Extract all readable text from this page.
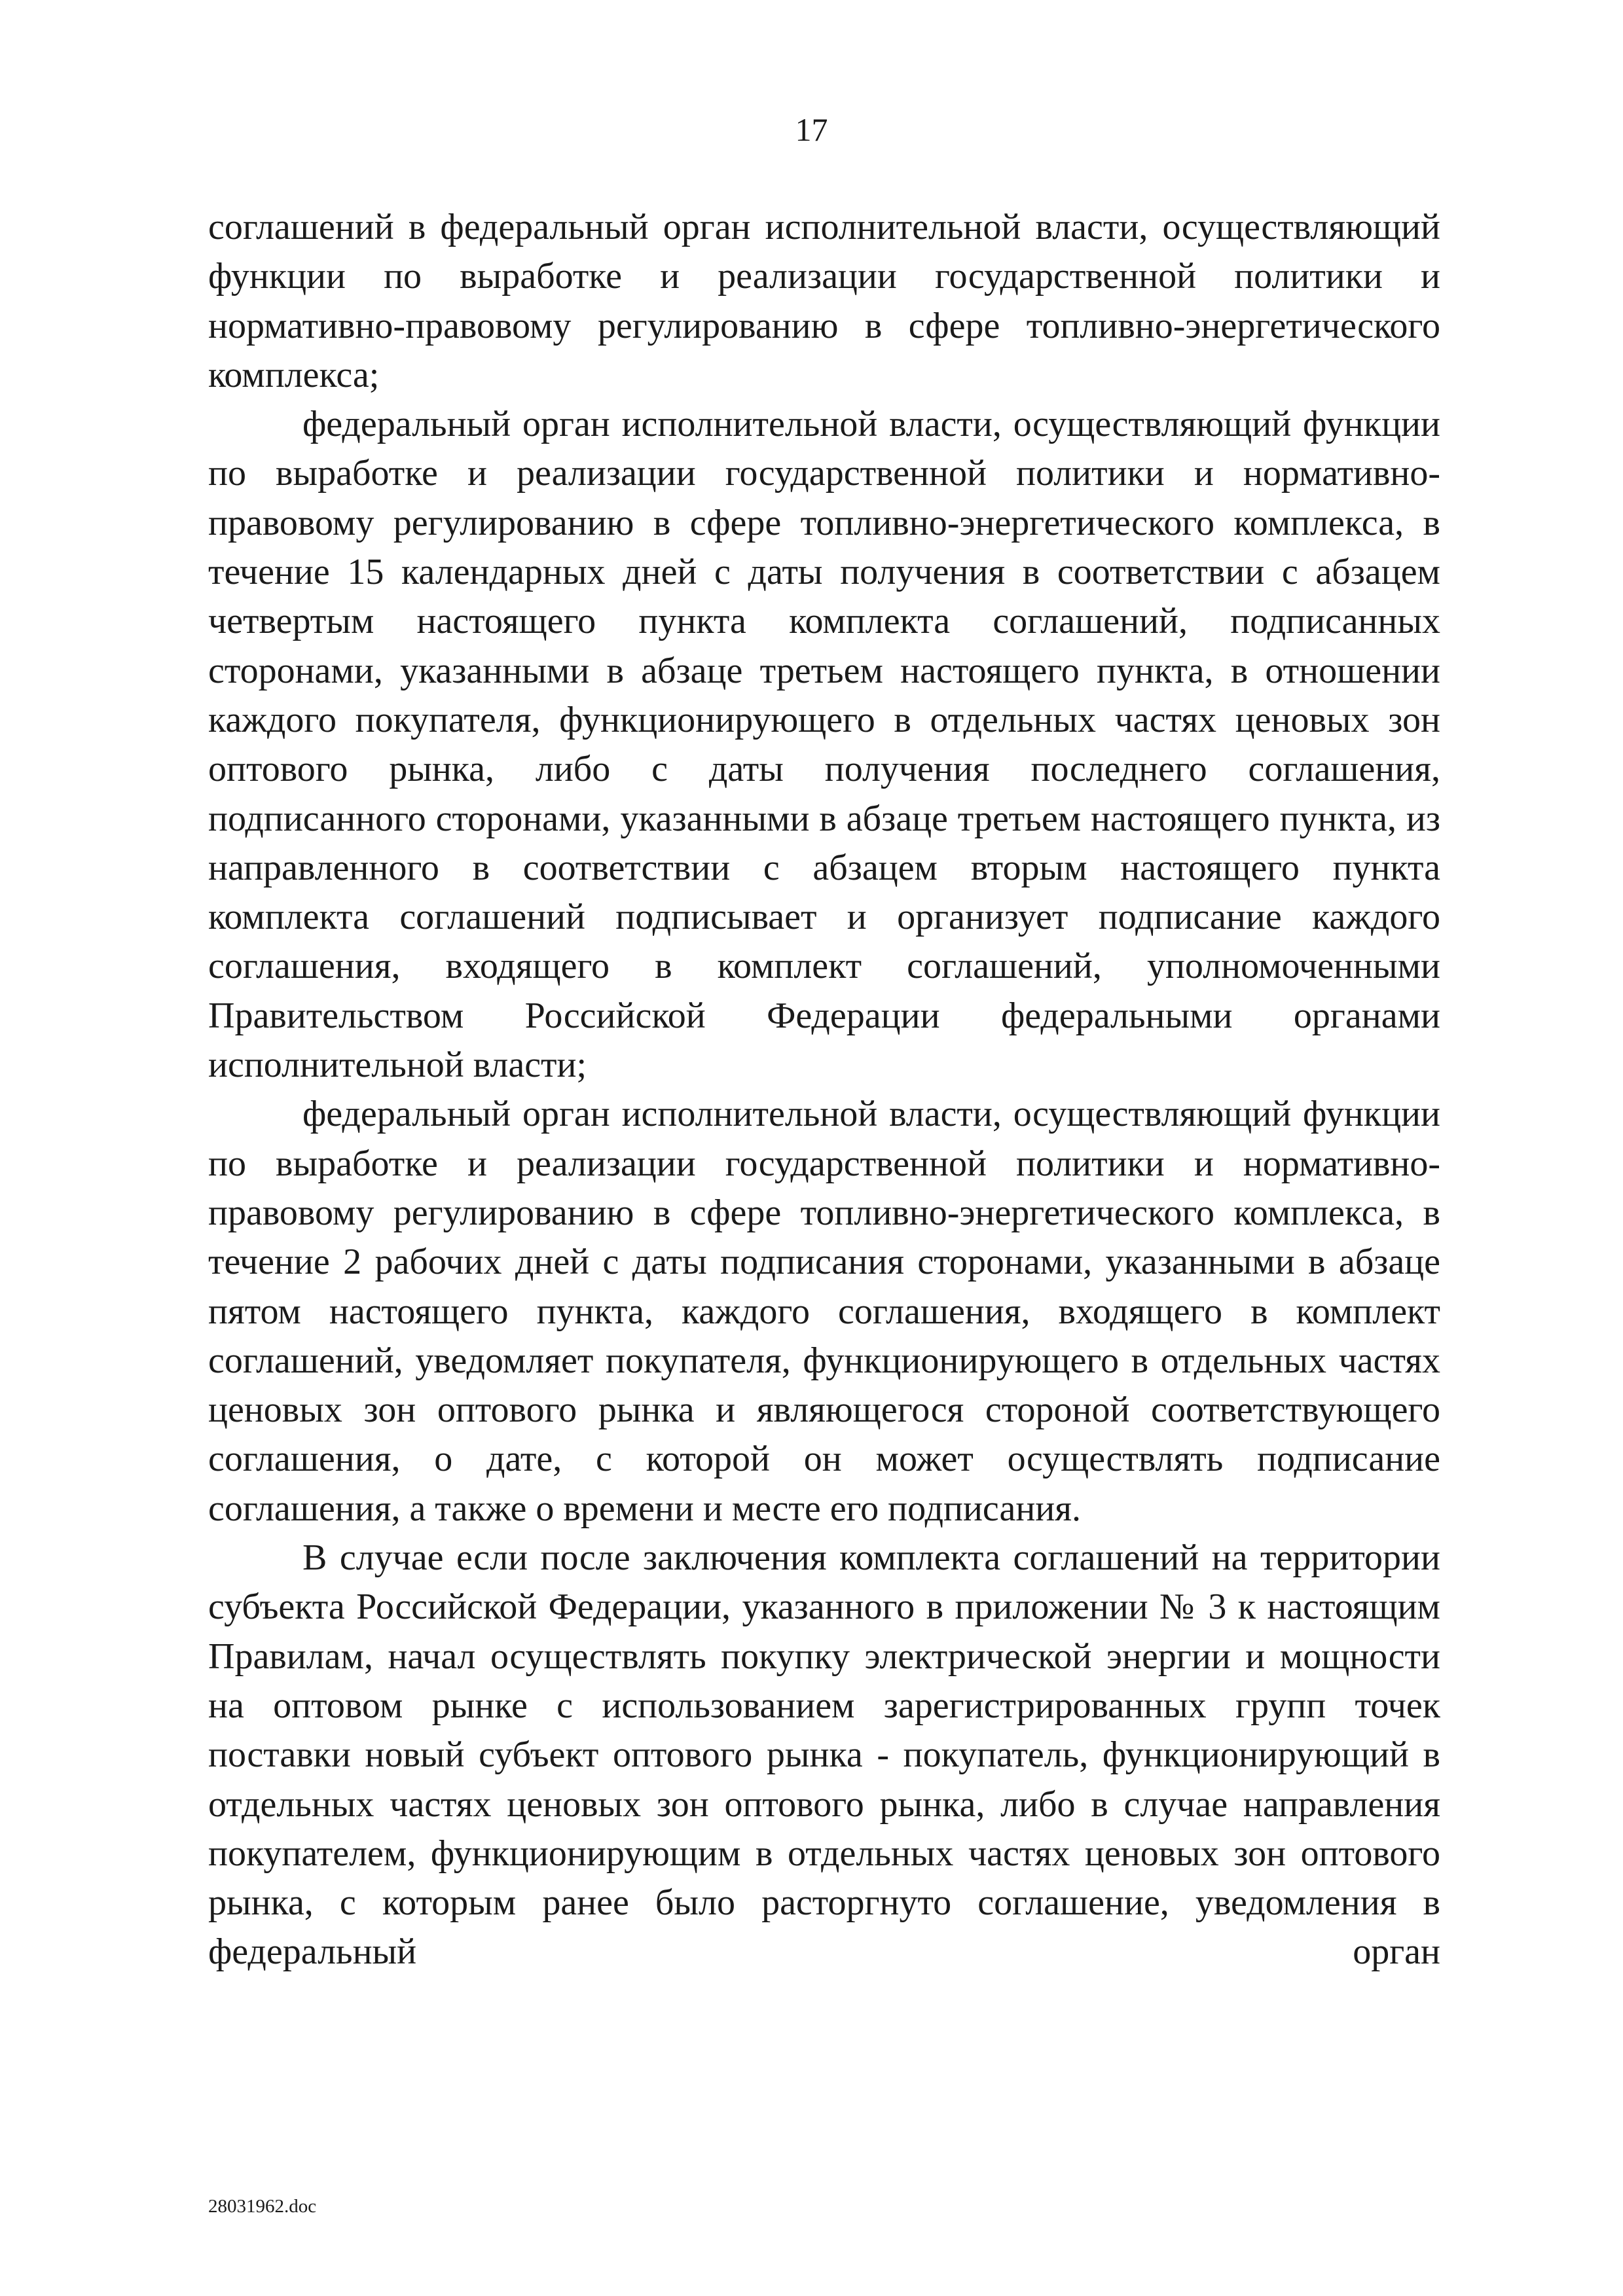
17

соглашений в федеральный орган исполнительной власти, осуществляющий функции по выработке и реализации государственной политики и нормативно-правовому регулированию в сфере топливно-энергетического комплекса;

федеральный орган исполнительной власти, осуществляющий функции по выработке и реализации государственной политики и нормативно-правовому регулированию в сфере топливно-энергетического комплекса, в течение 15 календарных дней с даты получения в соответствии с абзацем четвертым настоящего пункта комплекта соглашений, подписанных сторонами, указанными в абзаце третьем настоящего пункта, в отношении каждого покупателя, функционирующего в отдельных частях ценовых зон оптового рынка, либо с даты получения последнего соглашения, подписанного сторонами, указанными в абзаце третьем настоящего пункта, из направленного в соответствии с абзацем вторым настоящего пункта комплекта соглашений подписывает и организует подписание каждого соглашения, входящего в комплект соглашений, уполномоченными Правительством Российской Федерации федеральными органами исполнительной власти;

федеральный орган исполнительной власти, осуществляющий функции по выработке и реализации государственной политики и нормативно-правовому регулированию в сфере топливно-энергетического комплекса, в течение 2 рабочих дней с даты подписания сторонами, указанными в абзаце пятом настоящего пункта, каждого соглашения, входящего в комплект соглашений, уведомляет покупателя, функционирующего в отдельных частях ценовых зон оптового рынка и являющегося стороной соответствующего соглашения, о дате, с которой он может осуществлять подписание соглашения, а также о времени и месте его подписания.

В случае если после заключения комплекта соглашений на территории субъекта Российской Федерации, указанного в приложении № 3 к настоящим Правилам, начал осуществлять покупку электрической энергии и мощности на оптовом рынке с использованием зарегистрированных групп точек поставки новый субъект оптового рынка - покупатель, функционирующий в отдельных частях ценовых зон оптового рынка, либо в случае направления покупателем, функционирующим в отдельных частях ценовых зон оптового рынка, с которым ранее было расторгнуто соглашение, уведомления в федеральный орган

28031962.doc
